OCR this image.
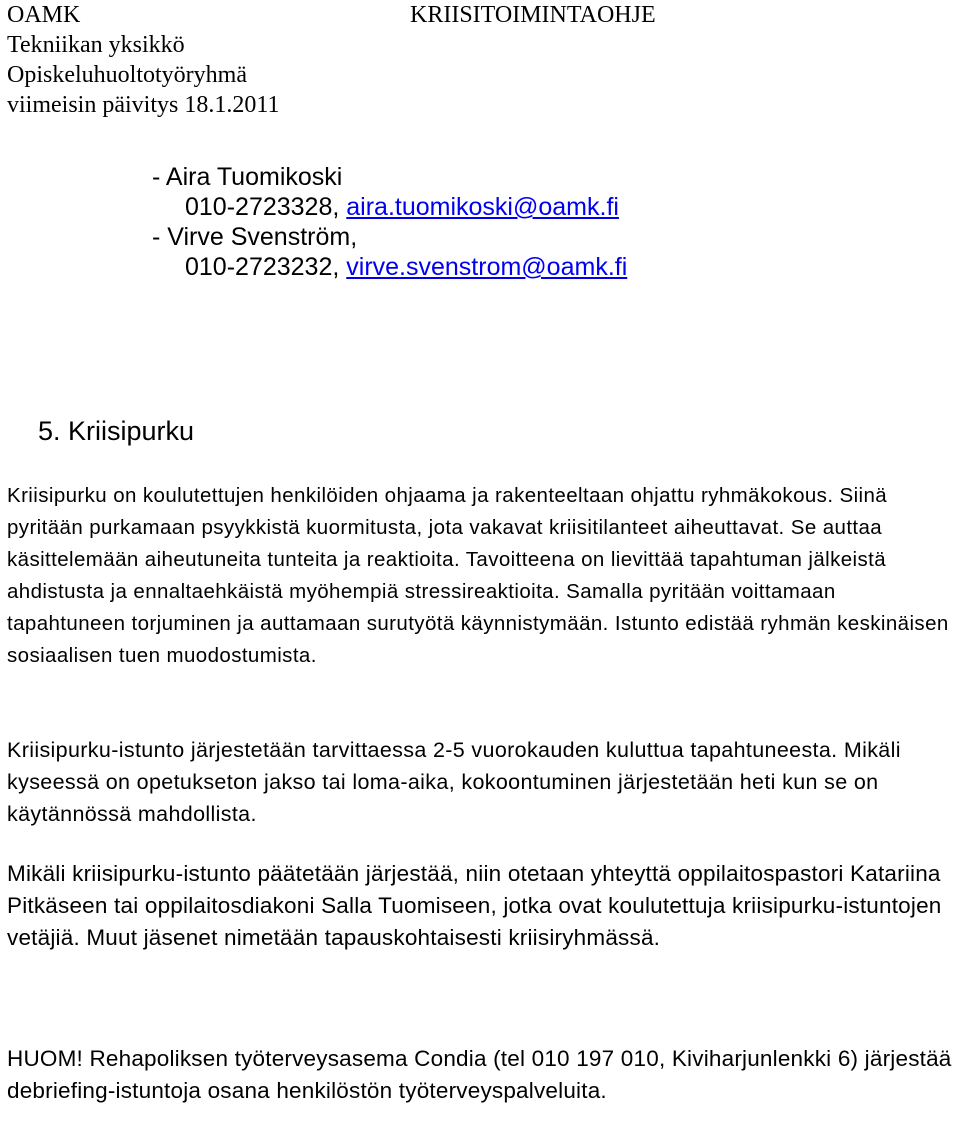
OAMK
Tekniikan yksikkö
Opiskeluhuoltotyöryhmä
viimeisin päivitys 18.1.2011
KRIISITOIMINTAOHJE
- Aira Tuomikoski
010-2723328, aira.tuomikoski@oamk.fi
- Virve Svenström,
010-2723232, virve.svenstrom@oamk.fi
5. Kriisipurku

Kriisipurku on koulutettujen henkilöiden ohjaama ja rakenteeltaan ohjattu ryhmäkokous. Siinä pyritään purkamaan psyykkistä kuormitusta, jota vakavat kriisitilanteet aiheuttavat. Se auttaa käsittelemään aiheutuneita tunteita ja reaktioita. Tavoitteena on lievittää tapahtuman jälkeistä ahdistusta ja ennaltaehkäistä myöhempiä stressireaktioita. Samalla pyritään voittamaan tapahtuneen torjuminen ja auttamaan surutyötä käynnistymään. Istunto edistää ryhmän keskinäisen sosiaalisen tuen muodostumista.

Kriisipurku-istunto järjestetään tarvittaessa 2-5 vuorokauden kuluttua tapahtuneesta. Mikäli kyseessä on opetukseton jakso tai loma-aika, kokoontuminen järjestetään heti kun se on käytännössä mahdollista.

Mikäli kriisipurku-istunto päätetään järjestää, niin otetaan yhteyttä oppilaitospastori Katariina Pitkäseen tai oppilaitosdiakoni Salla Tuomiseen, jotka ovat koulutettuja kriisipurku-istuntojen vetäjiä. Muut jäsenet nimetään tapauskohtaisesti kriisiryhmässä.

HUOM! Rehapoliksen työterveysasema Condia (tel 010 197 010, Kiviharjunlenkki 6) järjestää debriefing-istuntoja osana henkilöstön työterveyspalveluita.
